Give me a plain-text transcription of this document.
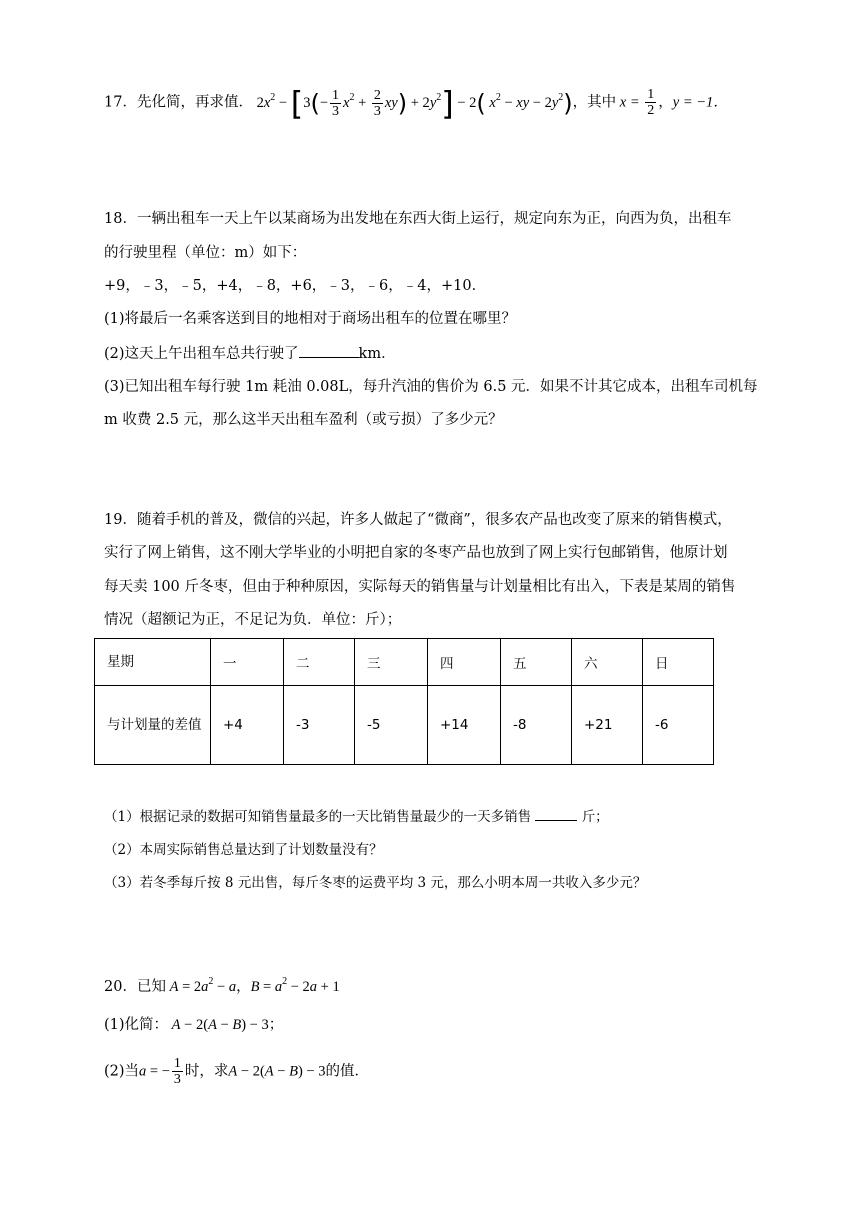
17．先化简，再求值． $2x^2 - [3(- \frac{1}{3} x^2 + \frac{2}{3} xy) + 2y^2] - 2$( $x^2$ − xy − $2y^2$)，其中 $x = \frac{1}{2}$ ，y = −1．
18．一辆出租车一天上午以某商场为出发地在东西大街上运行，规定向东为正，向西为负，出租车
的行驶里程（单位：m）如下：
+9，﹣3，﹣5，+4，﹣8，+6，﹣3，﹣6，﹣4，+10．
(1)将最后一名乘客送到目的地相对于商场出租车的位置在哪里？
(2)这天上午出租车总共行驶了	km．
(3)已知出租车每行驶 1m 耗油 0.08L，每升汽油的售价为 6.5 元．如果不计其它成本，出租车司机每
m 收费 2.5 元，那么这半天出租车盈利（或亏损）了多少元？
19．随着手机的普及，微信的兴起，许多人做起了“微商”，很多农产品也改变了原来的销售模式，
实行了网上销售，这不刚大学毕业的小明把自家的冬枣产品也放到了网上实行包邮销售，他原计划
每天卖 100 斤冬枣，但由于种种原因，实际每天的销售量与计划量相比有出入，下表是某周的销售
情况（超额记为正，不足记为负．单位：斤）；
星期	一	二	三	四	五	六	日
与计划量的差值	+4	-3	-5	+14	-8	+21	-6
（1）根据记录的数据可知销售量最多的一天比销售量最少的一天多销售	斤；
（2）本周实际销售总量达到了计划数量没有？
（3）若冬季每斤按 8 元出售，每斤冬枣的运费平均 3 元，那么小明本周一共收入多少元？
20．已知 $A = 2a^2 - a$，$B = a^2 - 2a + 1$
(1)化简： A − 2(A − B) − 3；
(2)当a = − $\frac{1}{3}$ 时，求A − 2(A − B) − 3的值．
